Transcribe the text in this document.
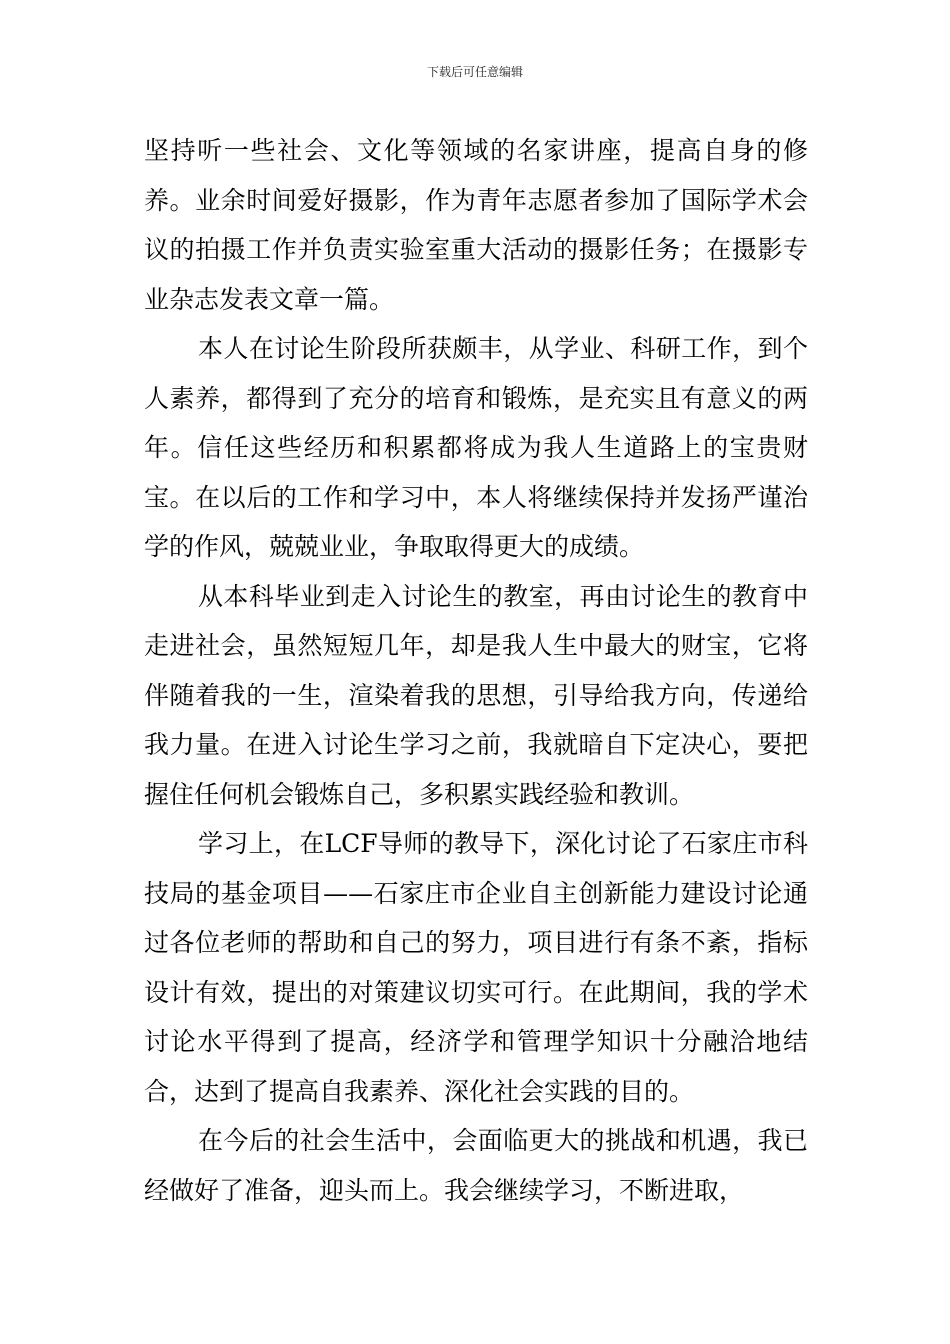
下载后可任意编辑

坚持听一些社会、文化等领域的名家讲座，提高自身的修养。业余时间爱好摄影，作为青年志愿者参加了国际学术会议的拍摄工作并负责实验室重大活动的摄影任务；在摄影专业杂志发表文章一篇。

本人在讨论生阶段所获颇丰，从学业、科研工作，到个人素养，都得到了充分的培育和锻炼，是充实且有意义的两年。信任这些经历和积累都将成为我人生道路上的宝贵财宝。在以后的工作和学习中，本人将继续保持并发扬严谨治学的作风，兢兢业业，争取取得更大的成绩。

从本科毕业到走入讨论生的教室，再由讨论生的教育中走进社会，虽然短短几年，却是我人生中最大的财宝，它将伴随着我的一生，渲染着我的思想，引导给我方向，传递给我力量。在进入讨论生学习之前，我就暗自下定决心，要把握住任何机会锻炼自己，多积累实践经验和教训。

学习上，在LCF导师的教导下，深化讨论了石家庄市科技局的基金项目——石家庄市企业自主创新能力建设讨论通过各位老师的帮助和自己的努力，项目进行有条不紊，指标设计有效，提出的对策建议切实可行。在此期间，我的学术讨论水平得到了提高，经济学和管理学知识十分融洽地结合，达到了提高自我素养、深化社会实践的目的。

在今后的社会生活中，会面临更大的挑战和机遇，我已经做好了准备，迎头而上。我会继续学习，不断进取，
